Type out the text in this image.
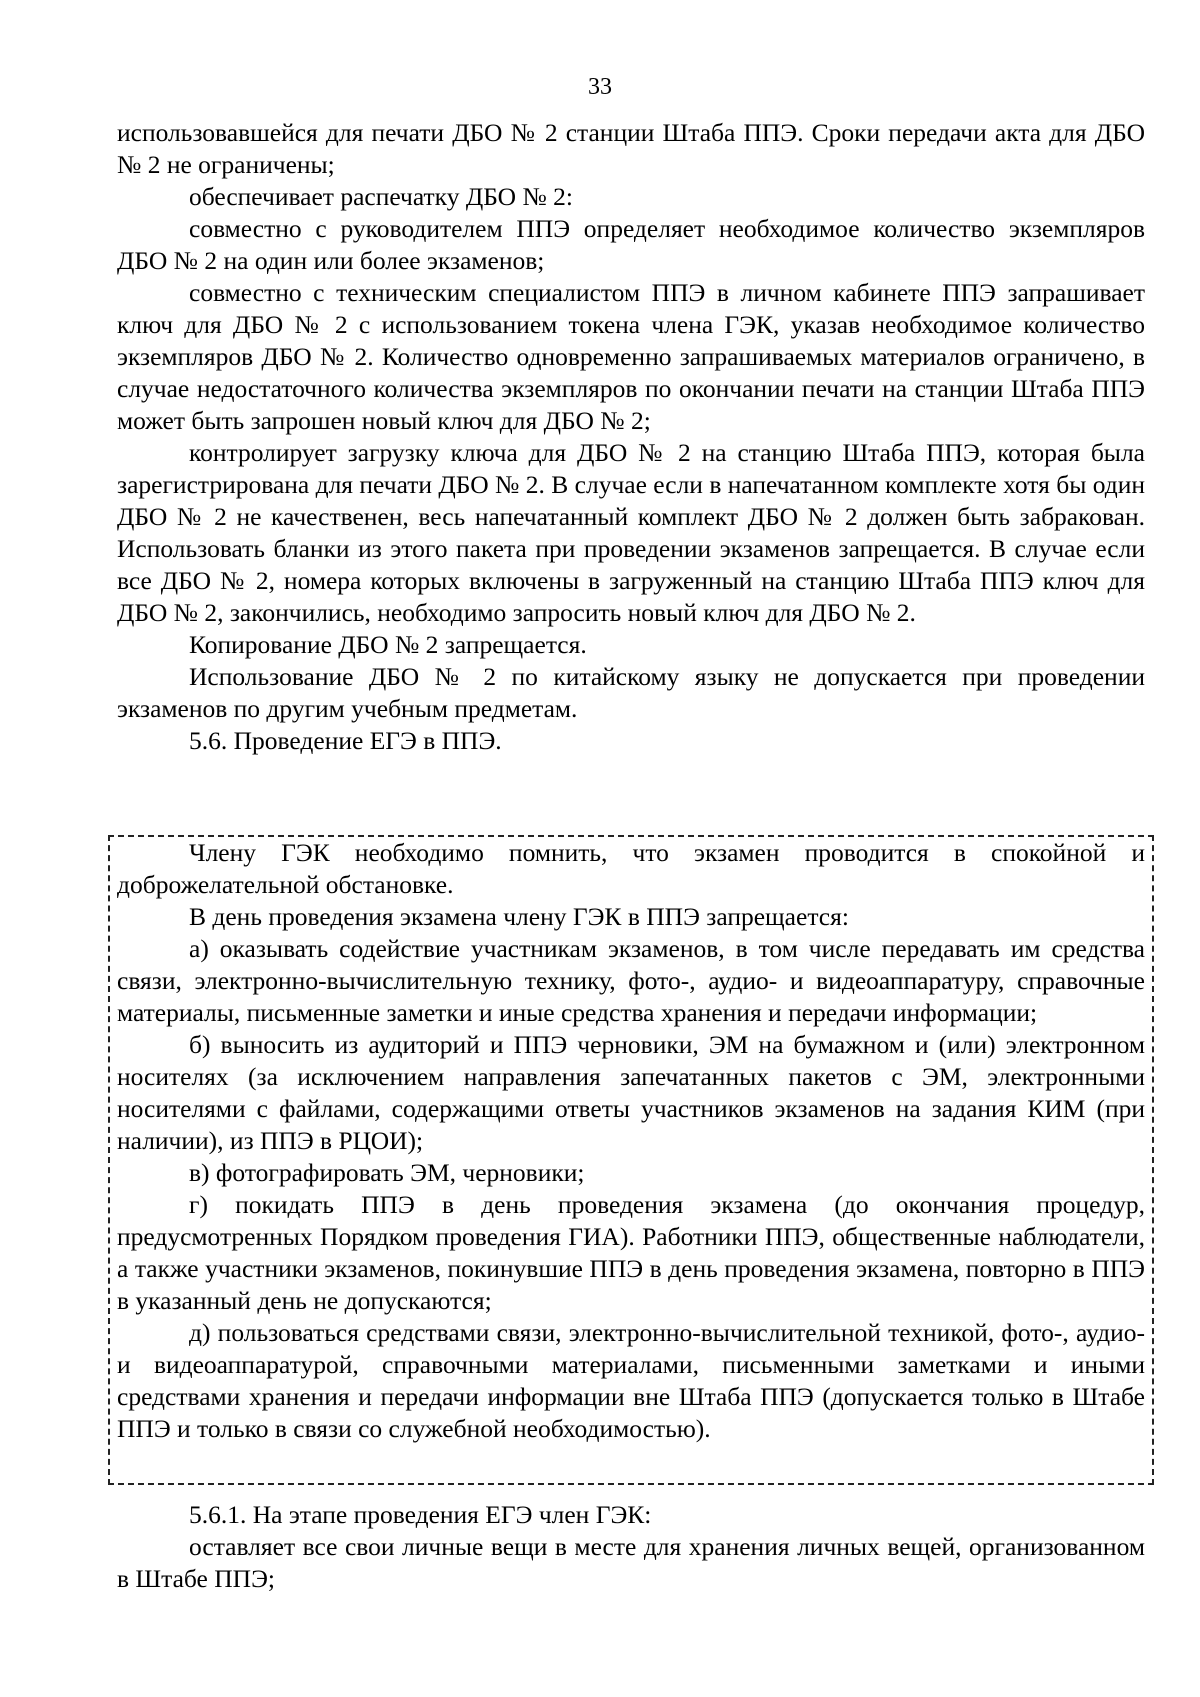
33

использовавшейся для печати ДБО № 2 станции Штаба ППЭ. Сроки передачи акта для ДБО № 2 не ограничены;

обеспечивает распечатку ДБО № 2:

совместно с руководителем ППЭ определяет необходимое количество экземпляров ДБО № 2 на один или более экзаменов;

совместно с техническим специалистом ППЭ в личном кабинете ППЭ запрашивает ключ для ДБО № 2 с использованием токена члена ГЭК, указав необходимое количество экземпляров ДБО № 2. Количество одновременно запрашиваемых материалов ограничено, в случае недостаточного количества экземпляров по окончании печати на станции Штаба ППЭ может быть запрошен новый ключ для ДБО № 2;

контролирует загрузку ключа для ДБО № 2 на станцию Штаба ППЭ, которая была зарегистрирована для печати ДБО № 2. В случае если в напечатанном комплекте хотя бы один ДБО № 2 не качественен, весь напечатанный комплект ДБО № 2 должен быть забракован. Использовать бланки из этого пакета при проведении экзаменов запрещается. В случае если все ДБО № 2, номера которых включены в загруженный на станцию Штаба ППЭ ключ для ДБО № 2, закончились, необходимо запросить новый ключ для ДБО № 2.

Копирование ДБО № 2 запрещается.

Использование ДБО № 2 по китайскому языку не допускается при проведении экзаменов по другим учебным предметам.

5.6. Проведение ЕГЭ в ППЭ.

Члену ГЭК необходимо помнить, что экзамен проводится в спокойной и доброжелательной обстановке.

В день проведения экзамена члену ГЭК в ППЭ запрещается:

а) оказывать содействие участникам экзаменов, в том числе передавать им средства связи, электронно-вычислительную технику, фото-, аудио- и видеоаппаратуру, справочные материалы, письменные заметки и иные средства хранения и передачи информации;

б) выносить из аудиторий и ППЭ черновики, ЭМ на бумажном и (или) электронном носителях (за исключением направления запечатанных пакетов с ЭМ, электронными носителями с файлами, содержащими ответы участников экзаменов на задания КИМ (при наличии), из ППЭ в РЦОИ);

в) фотографировать ЭМ, черновики;

г) покидать ППЭ в день проведения экзамена (до окончания процедур, предусмотренных Порядком проведения ГИА). Работники ППЭ, общественные наблюдатели, а также участники экзаменов, покинувшие ППЭ в день проведения экзамена, повторно в ППЭ в указанный день не допускаются;

д) пользоваться средствами связи, электронно-вычислительной техникой, фото-, аудио- и видеоаппаратурой, справочными материалами, письменными заметками и иными средствами хранения и передачи информации вне Штаба ППЭ (допускается только в Штабе ППЭ и только в связи со служебной необходимостью).

5.6.1. На этапе проведения ЕГЭ член ГЭК:

оставляет все свои личные вещи в месте для хранения личных вещей, организованном в Штабе ППЭ;
